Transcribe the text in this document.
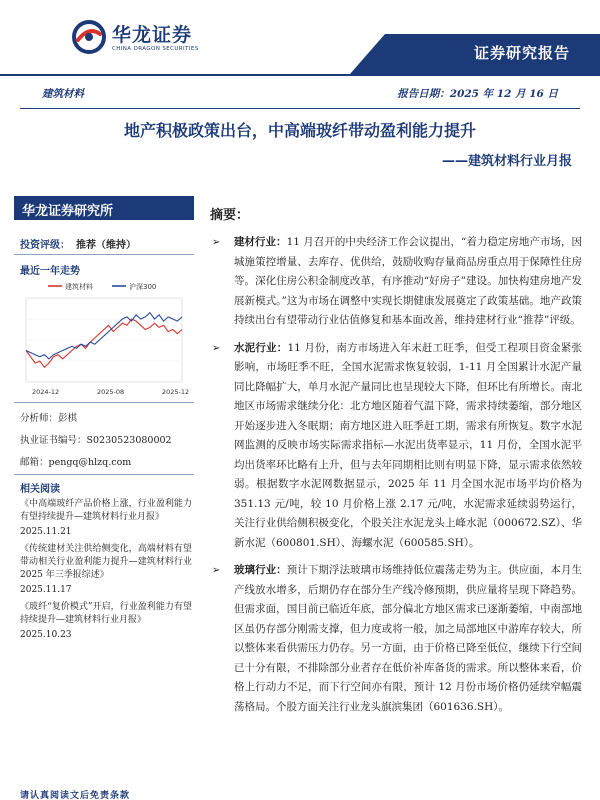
华龙证券
CHINA DRAGON SECURITIES	证券研究报告
建筑材料	报告日期：2025 年 12 月 16 日
地产积极政策出台，中高端玻纤带动盈利能力提升
——建筑材料行业月报
华龙证券研究所
投资评级： 推荐（维持）
最近一年走势
建筑材料	沪深300
2024-12	2025-08	2025-12
分析师：彭棋
执业证书编号：S0230523080002
邮箱：pengq@hlzq.com
相关阅读
《中高端玻纤产品价格上涨，行业盈利能力有望持续提升—建筑材料行业月报》
2025.11.21
《传统建材关注供给侧变化，高端材料有望带动相关行业盈利能力提升—建筑材料行业 2025 年三季报综述》
2025.11.17
《玻纤“复价模式”开启，行业盈利能力有望持续提升—建筑材料行业月报》
2025.10.23
请认真阅读文后免责条款
摘要：
➢ 建材行业：11 月召开的中央经济工作会议提出，“着力稳定房地产市场，因城施策控增量、去库存、优供给，鼓励收购存量商品房重点用于保障性住房等。深化住房公积金制度改革，有序推动“好房子”建设。加快构建房地产发展新模式。”这为市场在调整中实现长期健康发展奠定了政策基础。地产政策持续出台有望带动行业估值修复和基本面改善，维持建材行业“推荐”评级。
➢ 水泥行业：11 月份，南方市场进入年末赶工旺季，但受工程项目资金紧张影响，市场旺季不旺，全国水泥需求恢复较弱，1-11 月全国累计水泥产量同比降幅扩大，单月水泥产量同比也呈现较大下降，但环比有所增长。南北地区市场需求继续分化：北方地区随着气温下降，需求持续萎缩，部分地区开始逐步进入冬眠期；南方地区进入旺季赶工期，需求有所恢复。数字水泥网监测的反映市场实际需求指标—水泥出货率显示，11 月份，全国水泥平均出货率环比略有上升，但与去年同期相比则有明显下降，显示需求依然较弱。根据数字水泥网数据显示，2025 年 11 月全国水泥市场平均价格为 351.13 元/吨，较 10 月价格上涨 2.17 元/吨，水泥需求延续弱势运行，关注行业供给侧积极变化，个股关注水泥龙头上峰水泥（000672.SZ）、华新水泥（600801.SH）、海螺水泥（600585.SH）。
➢ 玻璃行业：预计下期浮法玻璃市场维持低位震荡走势为主。供应面，本月生产线放水增多，后期仍存在部分生产线冷修预期，供应量将呈现下降趋势。但需求面，国目前已临近年底，部分偏北方地区需求已逐渐萎缩，中南部地区虽仍存部分刚需支撑，但力度或将一般，加之局部地区中游库存较大，所以整体来看供需压力仍存。另一方面，由于价格已降至低位，继续下行空间已十分有限，不排除部分业者存在低价补库备货的需求。所以整体来看，价格上行动力不足，而下行空间亦有限，预计 12 月份市场价格仍延续窄幅震荡格局。个股方面关注行业龙头旗滨集团（601636.SH）。
